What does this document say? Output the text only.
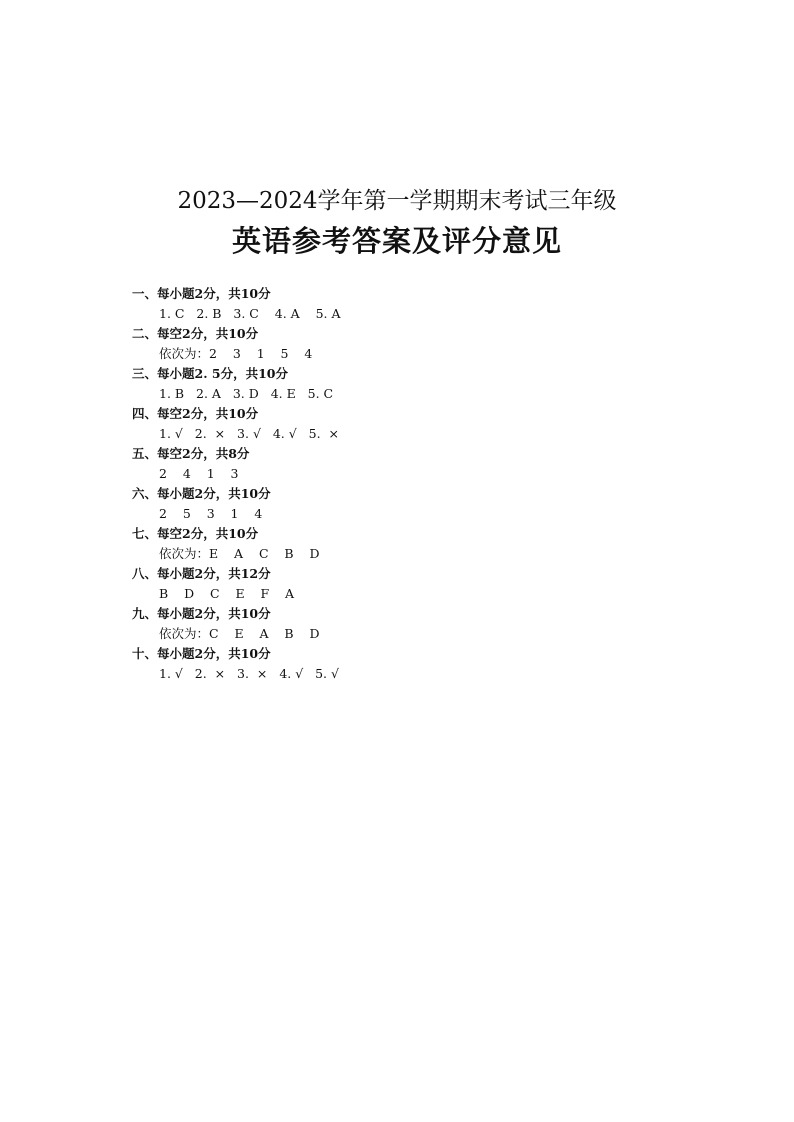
2023—2024学年第一学期期末考试三年级
英语参考答案及评分意见
一、每小题2分，共10分
1. C   2. B   3. C    4. A    5. A
二、每空2分，共10分
依次为：2    3    1    5    4
三、每小题2. 5分，共10分
1. B   2. A   3. D   4. E   5. C
四、每空2分，共10分
1. √   2.  ×   3. √   4. √   5.  ×
五、每空2分，共8分
2    4    1    3
六、每小题2分，共10分
2    5    3    1    4
七、每空2分，共10分
依次为：E    A    C    B    D
八、每小题2分，共12分
B    D    C    E    F    A
九、每小题2分，共10分
依次为：C    E    A    B    D
十、每小题2分，共10分
1. √   2.  ×   3.  ×   4. √   5. √
